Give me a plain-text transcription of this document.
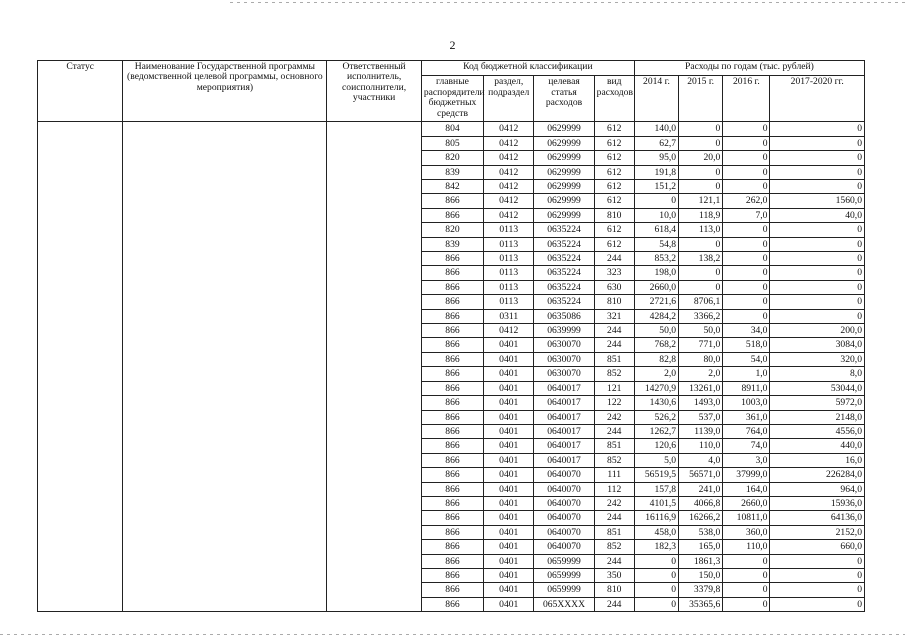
2
Статус	Наименование Государственной программы (ведомственной целевой программы, основного мероприятия)	Ответственный исполнитель, соисполнители, участники	Код бюджетной классификации				Расходы по годам (тыс. рублей)			
			главные распорядители бюджетных средств	раздел, подраздел	целевая статья расходов	вид расходов	2014 г.	2015 г.	2016 г.	2017-2020 гг.
			804	0412	0629999	612	140,0	0	0	0
			805	0412	0629999	612	62,7	0	0	0
			820	0412	0629999	612	95,0	20,0	0	0
			839	0412	0629999	612	191,8	0	0	0
			842	0412	0629999	612	151,2	0	0	0
			866	0412	0629999	612	0	121,1	262,0	1560,0
			866	0412	0629999	810	10,0	118,9	7,0	40,0
			820	0113	0635224	612	618,4	113,0	0	0
			839	0113	0635224	612	54,8	0	0	0
			866	0113	0635224	244	853,2	138,2	0	0
			866	0113	0635224	323	198,0	0	0	0
			866	0113	0635224	630	2660,0	0	0	0
			866	0113	0635224	810	2721,6	8706,1	0	0
			866	0311	0635086	321	4284,2	3366,2	0	0
			866	0412	0639999	244	50,0	50,0	34,0	200,0
			866	0401	0630070	244	768,2	771,0	518,0	3084,0
			866	0401	0630070	851	82,8	80,0	54,0	320,0
			866	0401	0630070	852	2,0	2,0	1,0	8,0
			866	0401	0640017	121	14270,9	13261,0	8911,0	53044,0
			866	0401	0640017	122	1430,6	1493,0	1003,0	5972,0
			866	0401	0640017	242	526,2	537,0	361,0	2148,0
			866	0401	0640017	244	1262,7	1139,0	764,0	4556,0
			866	0401	0640017	851	120,6	110,0	74,0	440,0
			866	0401	0640017	852	5,0	4,0	3,0	16,0
			866	0401	0640070	111	56519,5	56571,0	37999,0	226284,0
			866	0401	0640070	112	157,8	241,0	164,0	964,0
			866	0401	0640070	242	4101,5	4066,8	2660,0	15936,0
			866	0401	0640070	244	16116,9	16266,2	10811,0	64136,0
			866	0401	0640070	851	458,0	538,0	360,0	2152,0
			866	0401	0640070	852	182,3	165,0	110,0	660,0
			866	0401	0659999	244	0	1861,3	0	0
			866	0401	0659999	350	0	150,0	0	0
			866	0401	0659999	810	0	3379,8	0	0
			866	0401	065XXXX	244	0	35365,6	0	0
